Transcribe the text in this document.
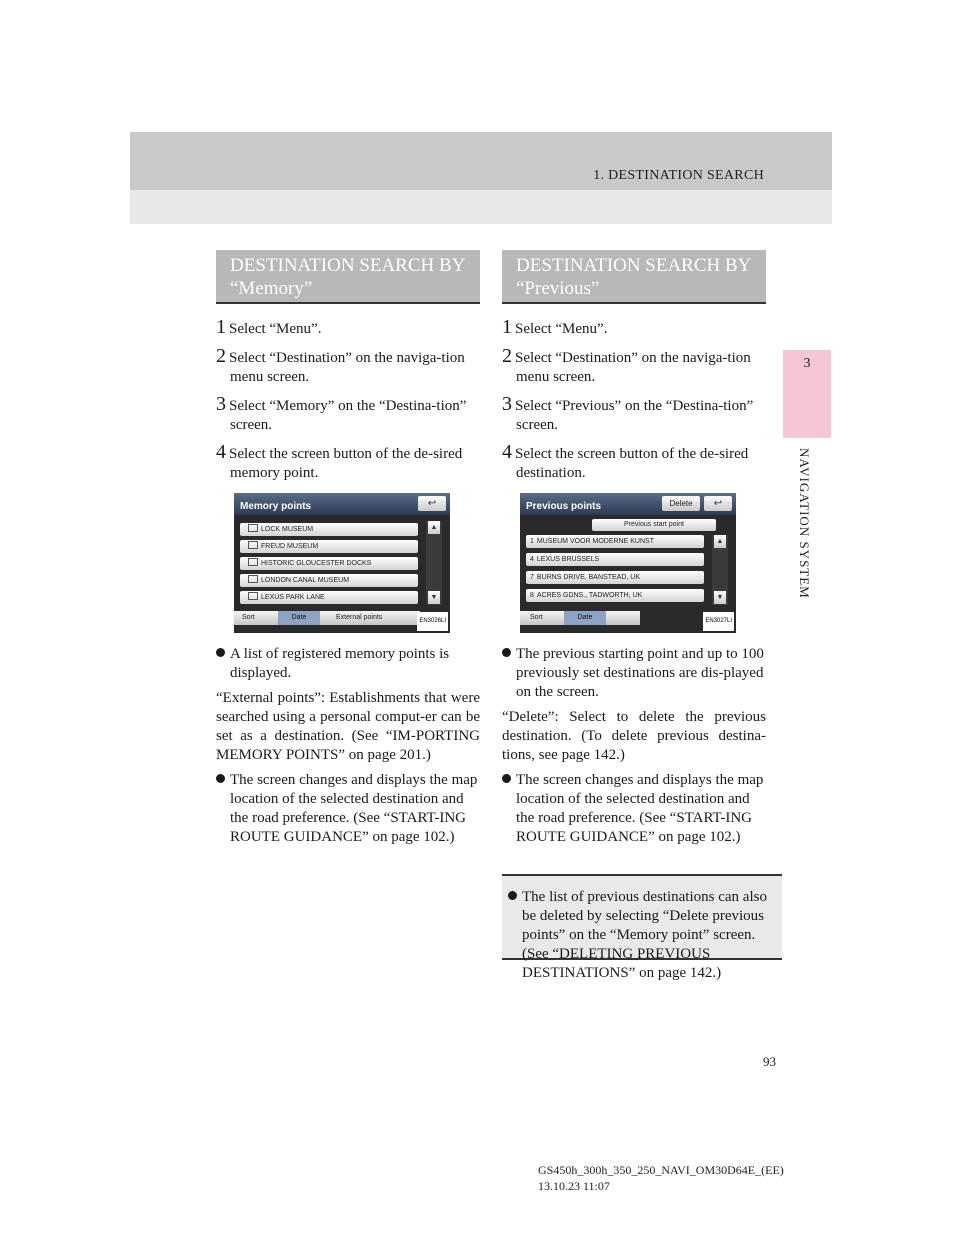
1. DESTINATION SEARCH
3
NAVIGATION SYSTEM
DESTINATION SEARCH BY
“Memory”
1 Select “Menu”.
2 Select “Destination” on the naviga-tion menu screen.
3 Select “Memory” on the “Destina-tion” screen.
4 Select the screen button of the de-sired memory point.
Memory points	↩
LOCK MUSEUM
FREUD MUSEUM
HISTORIC GLOUCESTER DOCKS
LONDON CANAL MUSEUM
LEXUS PARK LANE
▲
▼
Sort	Date	External points	EN3026LI
A list of registered memory points is displayed.
“External points”: Establishments that were searched using a personal comput-er can be set as a destination. (See “IM-PORTING MEMORY POINTS” on page 201.)
The screen changes and displays the map location of the selected destination and the road preference. (See “START-ING ROUTE GUIDANCE” on page 102.)
DESTINATION SEARCH BY
“Previous”
1 Select “Menu”.
2 Select “Destination” on the naviga-tion menu screen.
3 Select “Previous” on the “Destina-tion” screen.
4 Select the screen button of the de-sired destination.
Previous points	Delete	↩
Previous start point
1 MUSEUM VOOR MODERNE KUNST
4 LEXUS BRUSSELS
7 BURNS DRIVE, BANSTEAD, UK
8 ACRES GDNS., TADWORTH, UK
▲
▼
Sort	Date	EN3027LI
The previous starting point and up to 100 previously set destinations are dis-played on the screen.
“Delete”: Select to delete the previous destination. (To delete previous destina-tions, see page 142.)
The screen changes and displays the map location of the selected destination and the road preference. (See “START-ING ROUTE GUIDANCE” on page 102.)
The list of previous destinations can also be deleted by selecting “Delete previous points” on the “Memory point” screen. (See “DELETING PREVIOUS DESTINATIONS” on page 142.)
93
GS450h_300h_350_250_NAVI_OM30D64E_(EE)
13.10.23 11:07
